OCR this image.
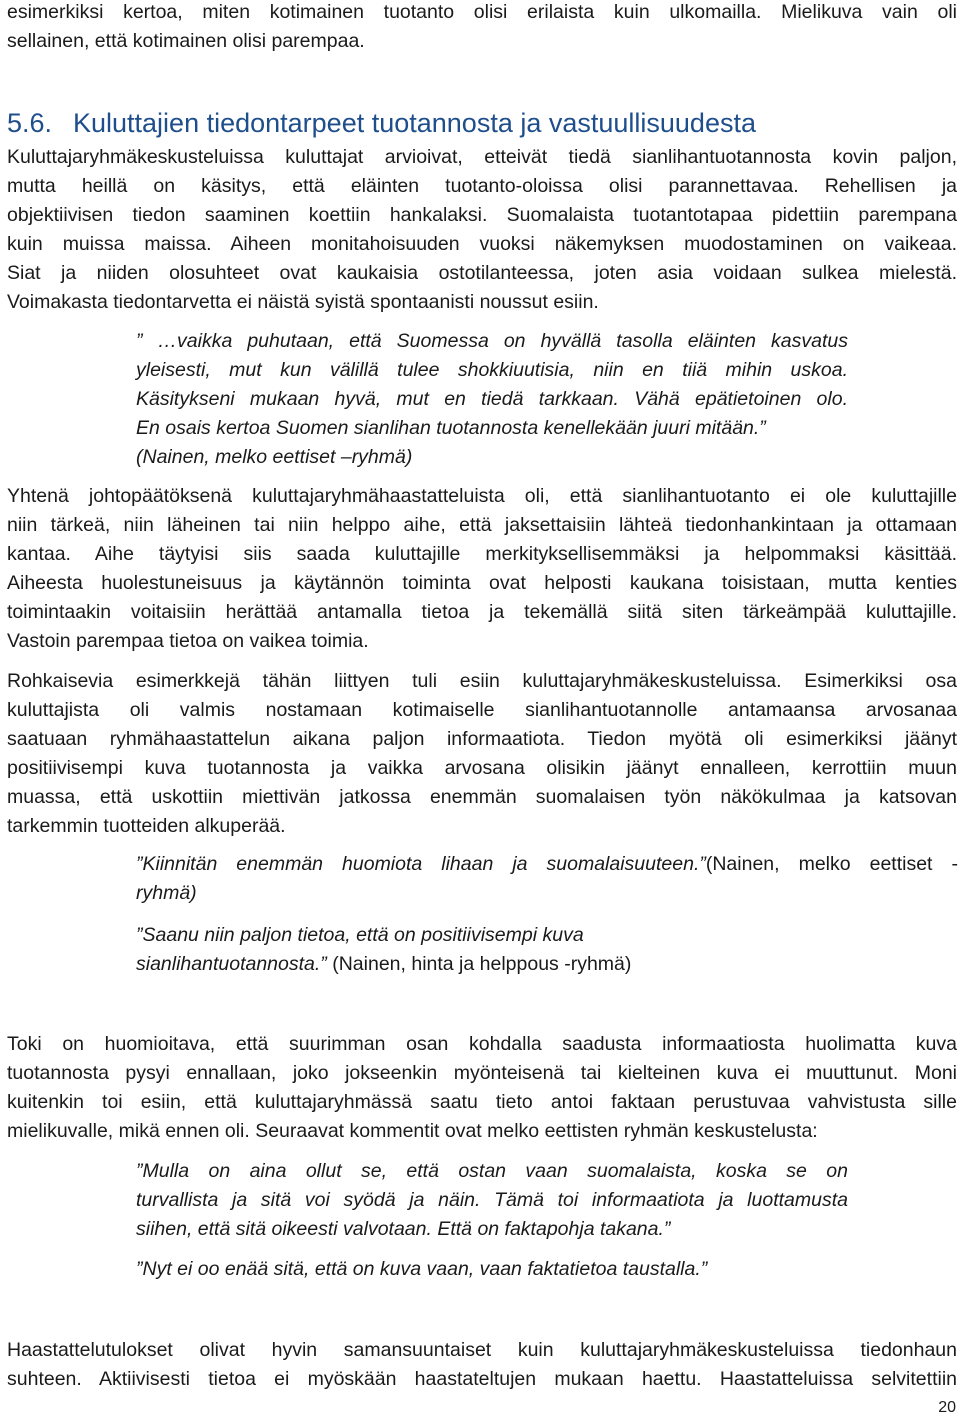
esimerkiksi kertoa, miten kotimainen tuotanto olisi erilaista kuin ulkomailla. Mielikuva vain oli
sellainen, että kotimainen olisi parempaa.
5.6. Kuluttajien tiedontarpeet tuotannosta ja vastuullisuudesta
Kuluttajaryhmäkeskusteluissa kuluttajat arvioivat, etteivät tiedä sianlihantuotannosta kovin paljon,
mutta heillä on käsitys, että eläinten tuotanto-oloissa olisi parannettavaa. Rehellisen ja
objektiivisen tiedon saaminen koettiin hankalaksi. Suomalaista tuotantotapaa pidettiin parempana
kuin muissa maissa. Aiheen monitahoisuuden vuoksi näkemyksen muodostaminen on vaikeaa.
Siat ja niiden olosuhteet ovat kaukaisia ostotilanteessa, joten asia voidaan sulkea mielestä.
Voimakasta tiedontarvetta ei näistä syistä spontaanisti noussut esiin.
” …vaikka puhutaan, että Suomessa on hyvällä tasolla eläinten kasvatus
yleisesti, mut kun välillä tulee shokkiuutisia, niin en tiiä mihin uskoa.
Käsitykseni mukaan hyvä, mut en tiedä tarkkaan. Vähä epätietoinen olo.
En osais kertoa Suomen sianlihan tuotannosta kenellekään juuri mitään.”
(Nainen, melko eettiset –ryhmä)
Yhtenä johtopäätöksenä kuluttajaryhmähaastatteluista oli, että sianlihantuotanto ei ole kuluttajille
niin tärkeä, niin läheinen tai niin helppo aihe, että jaksettaisiin lähteä tiedonhankintaan ja ottamaan
kantaa. Aihe täytyisi siis saada kuluttajille merkityksellisemmäksi ja helpommaksi käsittää.
Aiheesta huolestuneisuus ja käytännön toiminta ovat helposti kaukana toisistaan, mutta kenties
toimintaakin voitaisiin herättää antamalla tietoa ja tekemällä siitä siten tärkeämpää kuluttajille.
Vastoin parempaa tietoa on vaikea toimia.
Rohkaisevia esimerkkejä tähän liittyen tuli esiin kuluttajaryhmäkeskusteluissa. Esimerkiksi osa
kuluttajista oli valmis nostamaan kotimaiselle sianlihantuotannolle antamaansa arvosanaa
saatuaan ryhmähaastattelun aikana paljon informaatiota. Tiedon myötä oli esimerkiksi jäänyt
positiivisempi kuva tuotannosta ja vaikka arvosana olisikin jäänyt ennalleen, kerrottiin muun
muassa, että uskottiin miettivän jatkossa enemmän suomalaisen työn näkökulmaa ja katsovan
tarkemmin tuotteiden alkuperää.
”Kiinnitän enemmän huomiota lihaan ja suomalaisuuteen.”(Nainen, melko eettiset -
ryhmä)
”Saanu niin paljon tietoa, että on positiivisempi kuva
sianlihantuotannosta.” (Nainen, hinta ja helppous -ryhmä)
Toki on huomioitava, että suurimman osan kohdalla saadusta informaatiosta huolimatta kuva
tuotannosta pysyi ennallaan, joko jokseenkin myönteisenä tai kielteinen kuva ei muuttunut. Moni
kuitenkin toi esiin, että kuluttajaryhmässä saatu tieto antoi faktaan perustuvaa vahvistusta sille
mielikuvalle, mikä ennen oli. Seuraavat kommentit ovat melko eettisten ryhmän keskustelusta:
”Mulla on aina ollut se, että ostan vaan suomalaista, koska se on
turvallista ja sitä voi syödä ja näin. Tämä toi informaatiota ja luottamusta
siihen, että sitä oikeesti valvotaan. Että on faktapohja takana.”
”Nyt ei oo enää sitä, että on kuva vaan, vaan faktatietoa taustalla.”
Haastattelutulokset olivat hyvin samansuuntaiset kuin kuluttajaryhmäkeskusteluissa tiedonhaun
suhteen. Aktiivisesti tietoa ei myöskään haastateltujen mukaan haettu. Haastatteluissa selvitettiin
20
